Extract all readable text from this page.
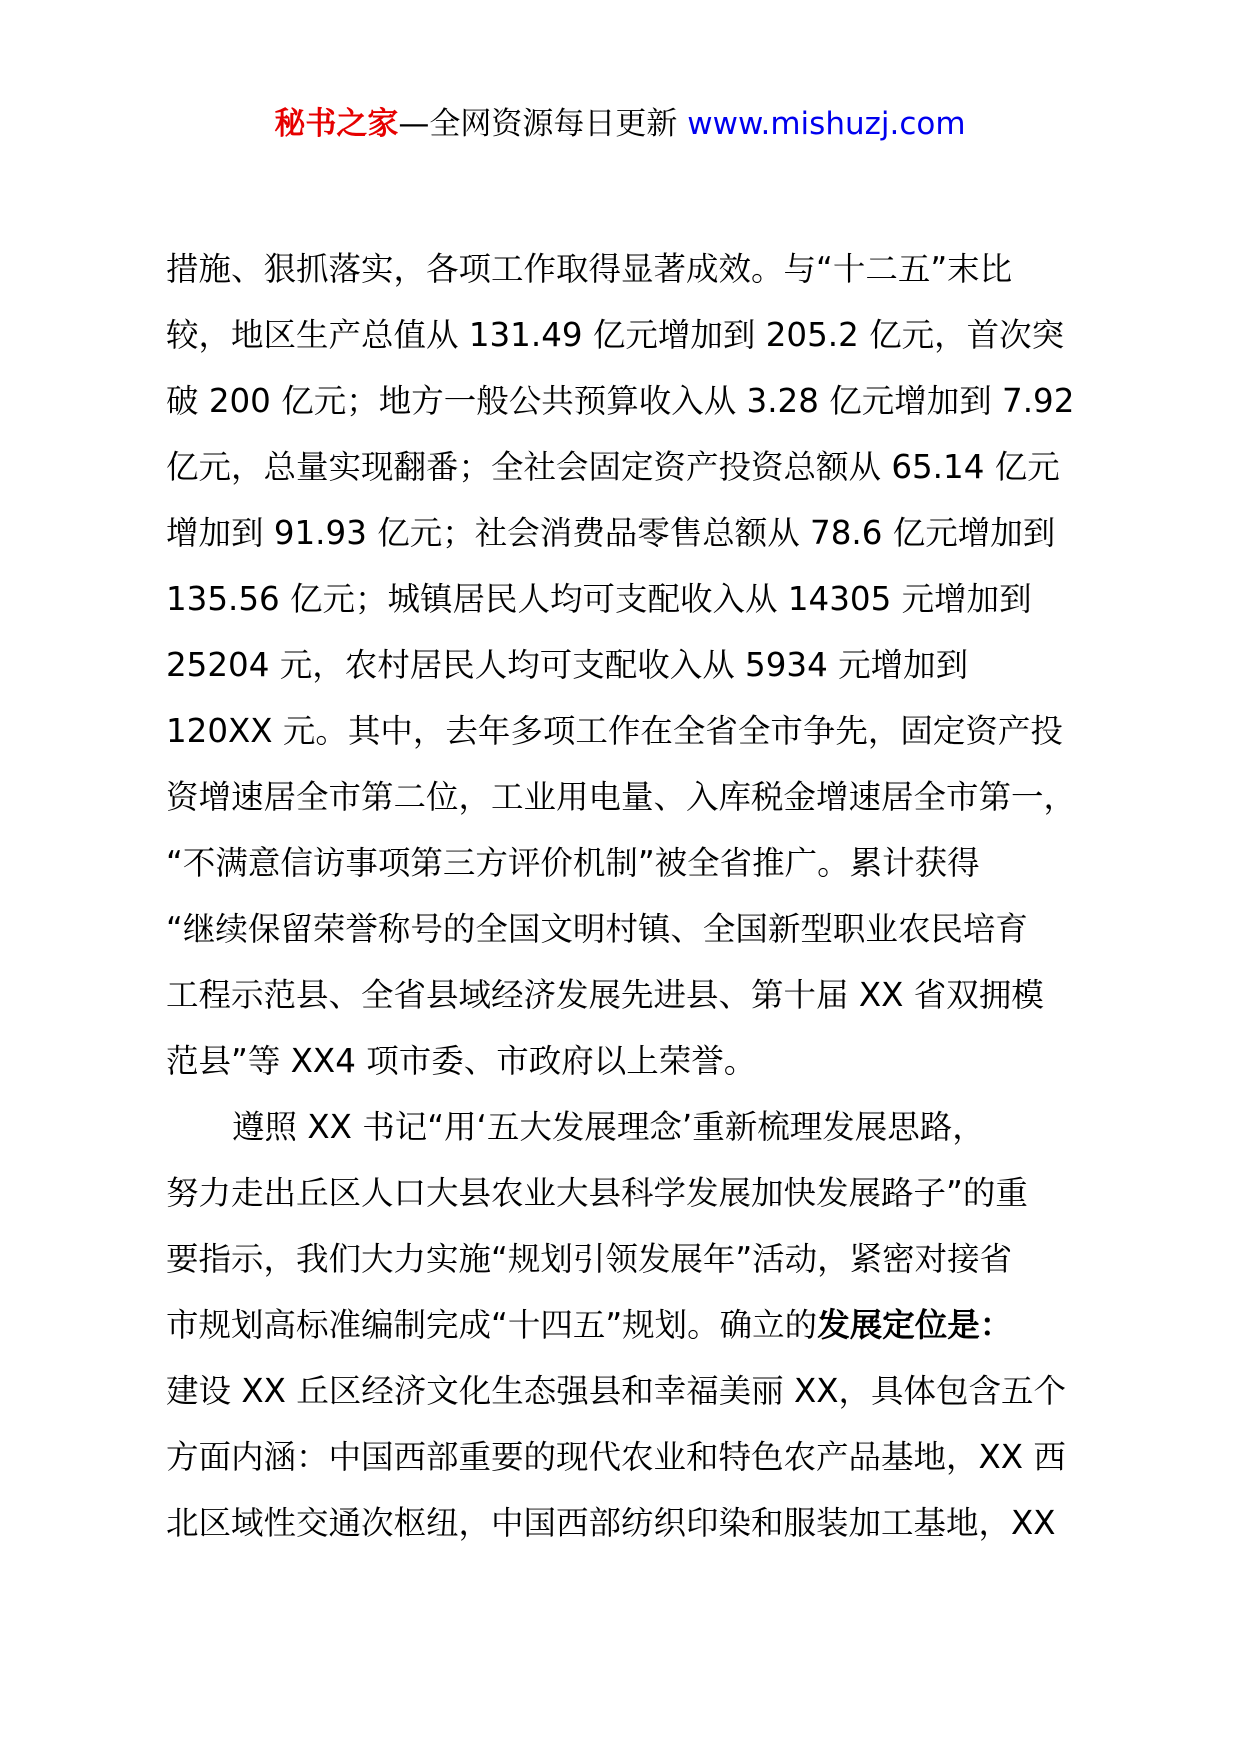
秘书之家—全网资源每日更新 www.mishuzj.com
措施、狠抓落实，各项工作取得显著成效。与“十二五”末比
较，地区生产总值从 131.49 亿元增加到 205.2 亿元，首次突
破 200 亿元；地方一般公共预算收入从 3.28 亿元增加到 7.92
亿元，总量实现翻番；全社会固定资产投资总额从 65.14 亿元
增加到 91.93 亿元；社会消费品零售总额从 78.6 亿元增加到
135.56 亿元；城镇居民人均可支配收入从 14305 元增加到
25204 元，农村居民人均可支配收入从 5934 元增加到
120XX 元。其中，去年多项工作在全省全市争先，固定资产投
资增速居全市第二位，工业用电量、入库税金增速居全市第一，
“不满意信访事项第三方评价机制”被全省推广。累计获得
“继续保留荣誉称号的全国文明村镇、全国新型职业农民培育
工程示范县、全省县域经济发展先进县、第十届 XX 省双拥模
范县”等 XX4 项市委、市政府以上荣誉。
遵照 XX 书记“用‘五大发展理念’重新梳理发展思路，
努力走出丘区人口大县农业大县科学发展加快发展路子”的重
要指示，我们大力实施“规划引领发展年”活动，紧密对接省
市规划高标准编制完成“十四五”规划。确立的发展定位是：
建设 XX 丘区经济文化生态强县和幸福美丽 XX，具体包含五个
方面内涵：中国西部重要的现代农业和特色农产品基地，XX 西
北区域性交通次枢纽，中国西部纺织印染和服装加工基地，XX
